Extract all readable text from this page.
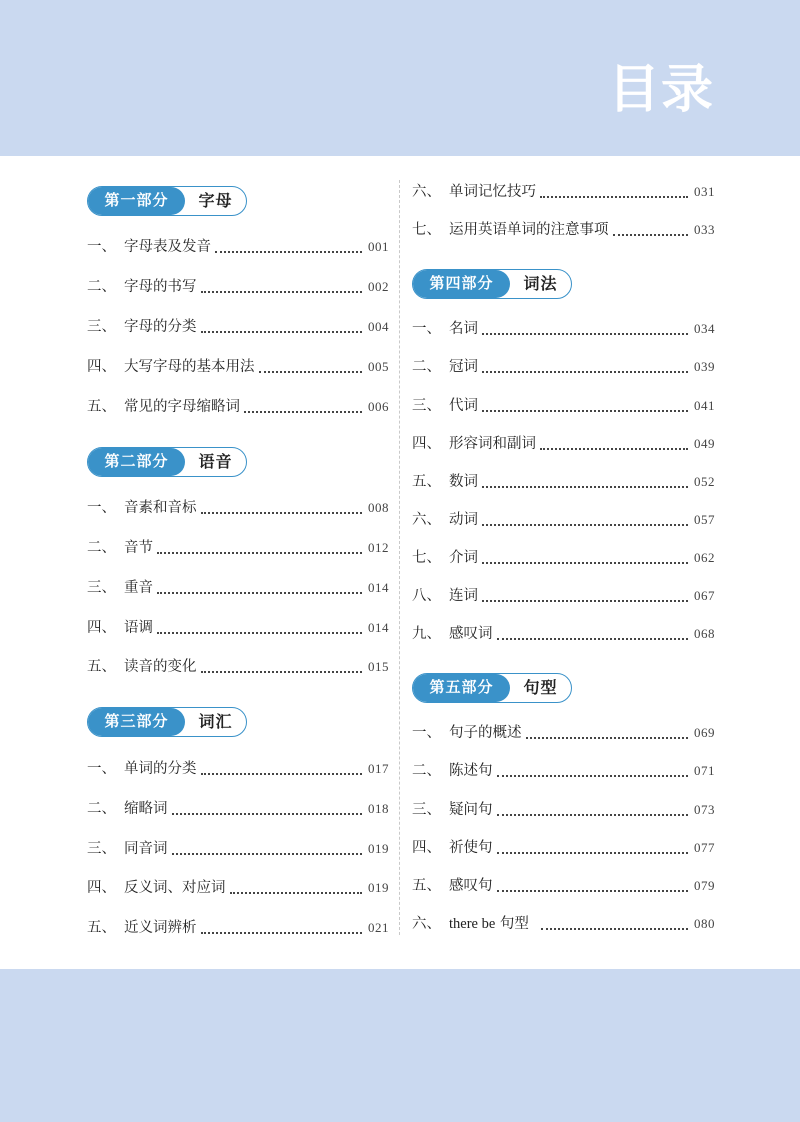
目录
第一部分	字母
一、 字母表及发音	001
二、 字母的书写	002
三、 字母的分类	004
四、 大写字母的基本用法	005
五、 常见的字母缩略词	006
第二部分	语音
一、 音素和音标	008
二、 音节	012
三、 重音	014
四、 语调	014
五、 读音的变化	015
第三部分	词汇
一、 单词的分类	017
二、 缩略词	018
三、 同音词	019
四、 反义词、对应词	019
五、 近义词辨析	021
六、 单词记忆技巧	031
七、 运用英语单词的注意事项	033
第四部分	词法
一、 名词	034
二、 冠词	039
三、 代词	041
四、 形容词和副词	049
五、 数词	052
六、 动词	057
七、 介词	062
八、 连词	067
九、 感叹词	068
第五部分	句型
一、 句子的概述	069
二、 陈述句	071
三、 疑问句	073
四、 祈使句	077
五、 感叹句	079
六、 there be 句型	080
